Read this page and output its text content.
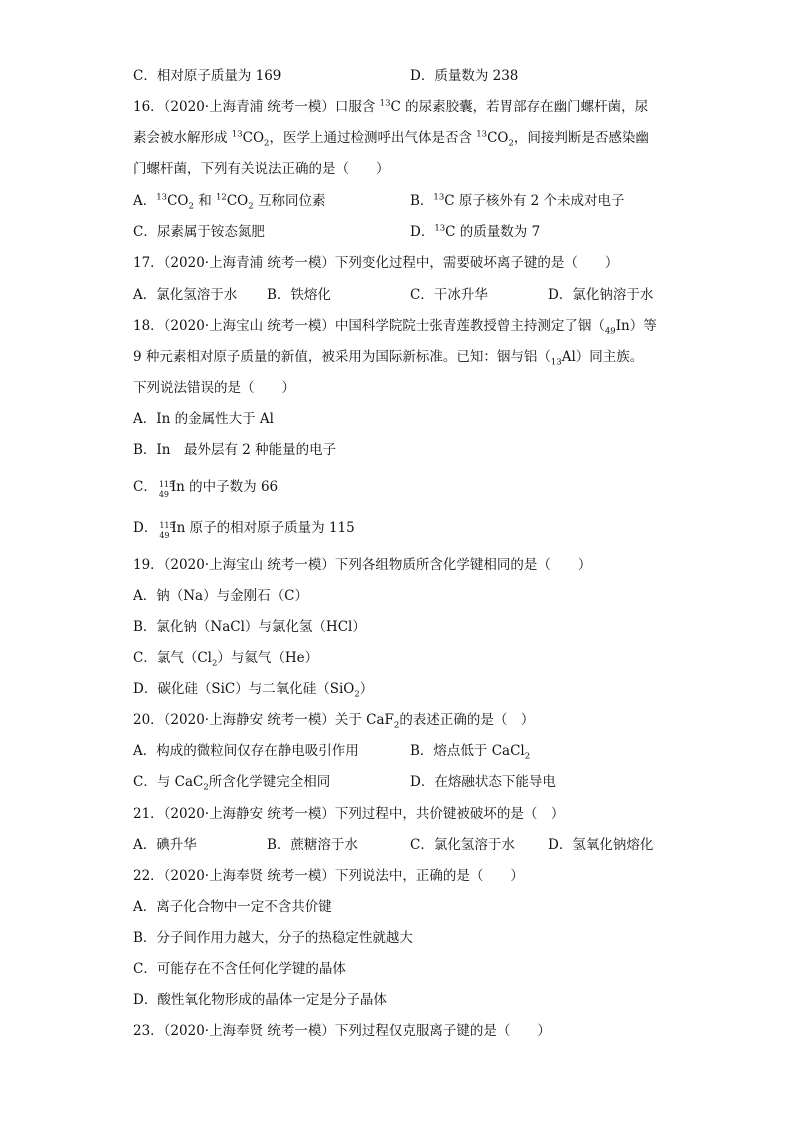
C．相对原子质量为 169	D．质量数为 238
16．（2020·上海青浦 统考一模）口服含 $^{13}$C 的尿素胶囊，若胃部存在幽门螺杆菌，尿
素会被水解形成 $^{13}CO_2$，医学上通过检测呼出气体是否含 $^{13}CO_2$，间接判断是否感染幽
门螺杆菌，下列有关说法正确的是（　　）
A．$^{13}CO_2$ 和 $^{12}CO_2$ 互称同位素	B．$^{13}$C 原子核外有 2 个未成对电子
C．尿素属于铵态氮肥	D．$^{13}$C 的质量数为 7
17．（2020·上海青浦 统考一模）下列变化过程中，需要破坏离子键的是（　　）
A．氯化氢溶于水 B．铁熔化	C．干冰升华	D．氯化钠溶于水
18．（2020·上海宝山 统考一模）中国科学院院士张青莲教授曾主持测定了铟$(_{49}In)$等
9 种元素相对原子质量的新值，被采用为国际新标准。已知：铟与铝$(_{13}Al)$同主族。
下列说法错误的是（　　）
A．In 的金属性大于 Al
B．In　最外层有 2 种能量的电子
C． 115
49 In 的中子数为 66
D． 115
49 In 原子的相对原子质量为 115
19．（2020·上海宝山 统考一模）下列各组物质所含化学键相同的是（　　）
A．钠（Na）与金刚石（C）
B．氯化钠（NaCl）与氯化氢（HCl）
C．氯气$(Cl_2)$与氦气（He）
D．碳化硅（SiC）与二氧化硅（SiO$_2$）
20．（2020·上海静安 统考一模）关于 CaF$_2$的表述正确的是（　）
A．构成的微粒间仅存在静电吸引作用	B．熔点低于 CaCl$_2$
C．与 CaC$_2$所含化学键完全相同	D．在熔融状态下能导电
21．（2020·上海静安 统考一模）下列过程中，共价键被破坏的是（　）
A．碘升华	B．蔗糖溶于水	C．氯化氢溶于水 D．氢氧化钠熔化
22．（2020·上海奉贤 统考一模）下列说法中，正确的是（　　）
A．离子化合物中一定不含共价键
B．分子间作用力越大，分子的热稳定性就越大
C．可能存在不含任何化学键的晶体
D．酸性氧化物形成的晶体一定是分子晶体
23．（2020·上海奉贤 统考一模）下列过程仅克服离子键的是（　　）
